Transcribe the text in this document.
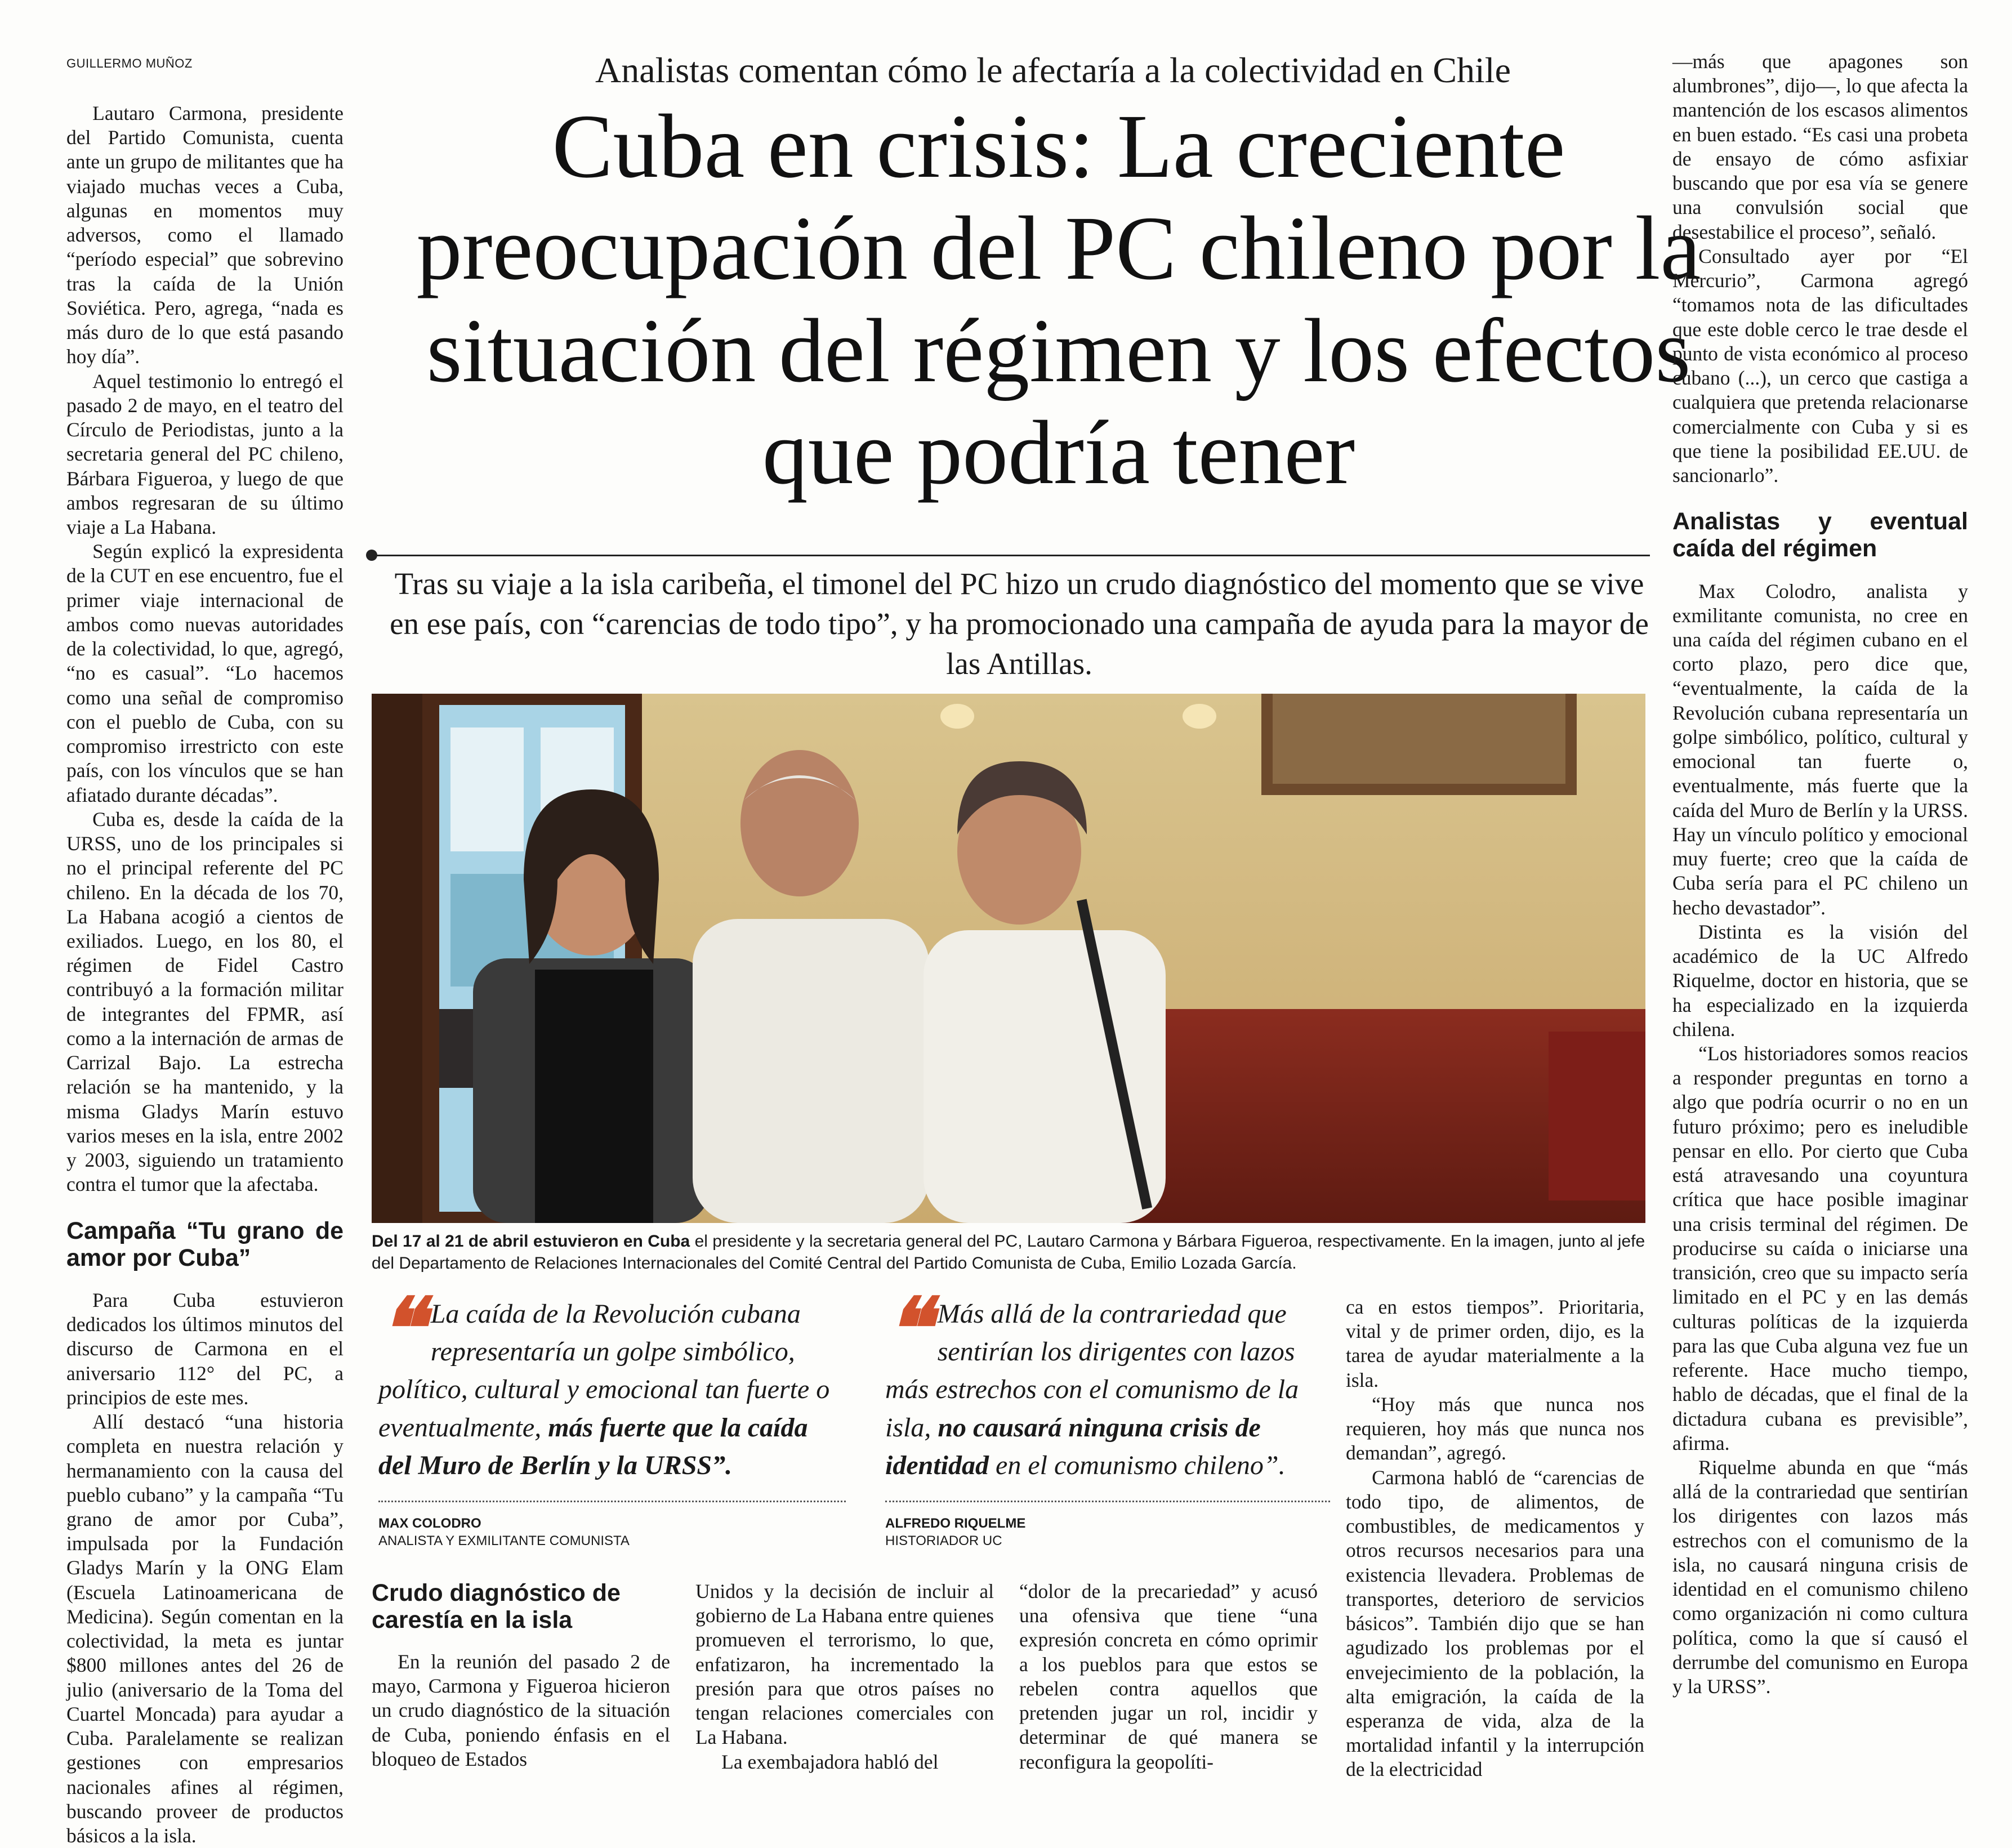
GUILLERMO MUÑOZ

Lautaro Carmona, presidente del Partido Comunista, cuenta ante un grupo de militantes que ha viajado muchas veces a Cuba, algunas en momentos muy adversos, como el llamado “período especial” que sobrevino tras la caída de la Unión Soviética. Pero, agrega, “nada es más duro de lo que está pasando hoy día”.

Aquel testimonio lo entregó el pasado 2 de mayo, en el teatro del Círculo de Periodistas, junto a la secretaria general del PC chileno, Bárbara Figueroa, y luego de que ambos regresaran de su último viaje a La Habana.

Según explicó la expresidenta de la CUT en ese encuentro, fue el primer viaje internacional de ambos como nuevas autoridades de la colectividad, lo que, agregó, “no es casual”. “Lo hacemos como una señal de compromiso con el pueblo de Cuba, con su compromiso irrestricto con este país, con los vínculos que se han afiatado durante décadas”.

Cuba es, desde la caída de la URSS, uno de los principales si no el principal referente del PC chileno. En la década de los 70, La Habana acogió a cientos de exiliados. Luego, en los 80, el régimen de Fidel Castro contribuyó a la formación militar de integrantes del FPMR, así como a la internación de armas de Carrizal Bajo. La estrecha relación se ha mantenido, y la misma Gladys Marín estuvo varios meses en la isla, entre 2002 y 2003, siguiendo un tratamiento contra el tumor que la afectaba.

Campaña “Tu grano de amor por Cuba”

Para Cuba estuvieron dedicados los últimos minutos del discurso de Carmona en el aniversario 112° del PC, a principios de este mes.

Allí destacó “una historia completa en nuestra relación y hermanamiento con la causa del pueblo cubano” y la campaña “Tu grano de amor por Cuba”, impulsada por la Fundación Gladys Marín y la ONG Elam (Escuela Latinoamericana de Medicina). Según comentan en la colectividad, la meta es juntar $800 millones antes del 26 de julio (aniversario de la Toma del Cuartel Moncada) para ayudar a Cuba. Paralelamente se realizan gestiones con empresarios nacionales afines al régimen, buscando proveer de productos básicos a la isla.

Analistas comentan cómo le afectaría a la colectividad en Chile
Cuba en crisis: La creciente preocupación del PC chileno por la situación del régimen y los efectos que podría tener
Tras su viaje a la isla caribeña, el timonel del PC hizo un crudo diagnóstico del momento que se vive en ese país, con “carencias de todo tipo”, y ha promocionado una campaña de ayuda para la mayor de las Antillas.
Del 17 al 21 de abril estuvieron en Cuba el presidente y la secretaria general del PC, Lautaro Carmona y Bárbara Figueroa, respectivamente. En la imagen, junto al jefe del Departamento de Relaciones Internacionales del Comité Central del Partido Comunista de Cuba, Emilio Lozada García.
❝ La caída de la Revolución cubana representaría un golpe simbólico, político, cultural y emocional tan fuerte o eventualmente, más fuerte que la caída del Muro de Berlín y la URSS”.
MAX COLODRO
ANALISTA Y EXMILITANTE COMUNISTA
❝ Más allá de la contrariedad que sentirían los dirigentes con lazos más estrechos con el comunismo de la isla, no causará ninguna crisis de identidad en el comunismo chileno”.
ALFREDO RIQUELME
HISTORIADOR UC
Crudo diagnóstico de carestía en la isla

En la reunión del pasado 2 de mayo, Carmona y Figueroa hicieron un crudo diagnóstico de la situación de Cuba, poniendo énfasis en el bloqueo de Estados

Unidos y la decisión de incluir al gobierno de La Habana entre quienes promueven el terrorismo, lo que, enfatizaron, ha incrementado la presión para que otros países no tengan relaciones comerciales con La Habana.

La exembajadora habló del

“dolor de la precariedad” y acusó una ofensiva que tiene “una expresión concreta en cómo oprimir a los pueblos para que estos se rebelen contra aquellos que pretenden jugar un rol, incidir y determinar de qué manera se reconfigura la geopolíti-

ca en estos tiempos”. Prioritaria, vital y de primer orden, dijo, es la tarea de ayudar materialmente a la isla.

“Hoy más que nunca nos requieren, hoy más que nunca nos demandan”, agregó.

Carmona habló de “carencias de todo tipo, de alimentos, de combustibles, de medicamentos y otros recursos necesarios para una existencia llevadera. Problemas de transportes, deterioro de servicios básicos”. También dijo que se han agudizado los problemas por el envejecimiento de la población, la alta emigración, la caída de la esperanza de vida, alza de la mortalidad infantil y la interrupción de la electricidad

—más que apagones son alumbrones”, dijo—, lo que afecta la mantención de los escasos alimentos en buen estado. “Es casi una probeta de ensayo de cómo asfixiar buscando que por esa vía se genere una convulsión social que desestabilice el proceso”, señaló.

Consultado ayer por “El Mercurio”, Carmona agregó “tomamos nota de las dificultades que este doble cerco le trae desde el punto de vista económico al proceso cubano (...), un cerco que castiga a cualquiera que pretenda relacionarse comercialmente con Cuba y si es que tiene la posibilidad EE.UU. de sancionarlo”.

Analistas y eventual caída del régimen

Max Colodro, analista y exmilitante comunista, no cree en una caída del régimen cubano en el corto plazo, pero dice que, “eventualmente, la caída de la Revolución cubana representaría un golpe simbólico, político, cultural y emocional tan fuerte o, eventualmente, más fuerte que la caída del Muro de Berlín y la URSS. Hay un vínculo político y emocional muy fuerte; creo que la caída de Cuba sería para el PC chileno un hecho devastador”.

Distinta es la visión del académico de la UC Alfredo Riquelme, doctor en historia, que se ha especializado en la izquierda chilena.

“Los historiadores somos reacios a responder preguntas en torno a algo que podría ocurrir o no en un futuro próximo; pero es ineludible pensar en ello. Por cierto que Cuba está atravesando una coyuntura crítica que hace posible imaginar una crisis terminal del régimen. De producirse su caída o iniciarse una transición, creo que su impacto sería limitado en el PC y en las demás culturas políticas de la izquierda para las que Cuba alguna vez fue un referente. Hace mucho tiempo, hablo de décadas, que el final de la dictadura cubana es previsible”, afirma.

Riquelme abunda en que “más allá de la contrariedad que sentirían los dirigentes con lazos más estrechos con el comunismo de la isla, no causará ninguna crisis de identidad en el comunismo chileno como organización ni como cultura política, como la que sí causó el derrumbe del comunismo en Europa y la URSS”.
